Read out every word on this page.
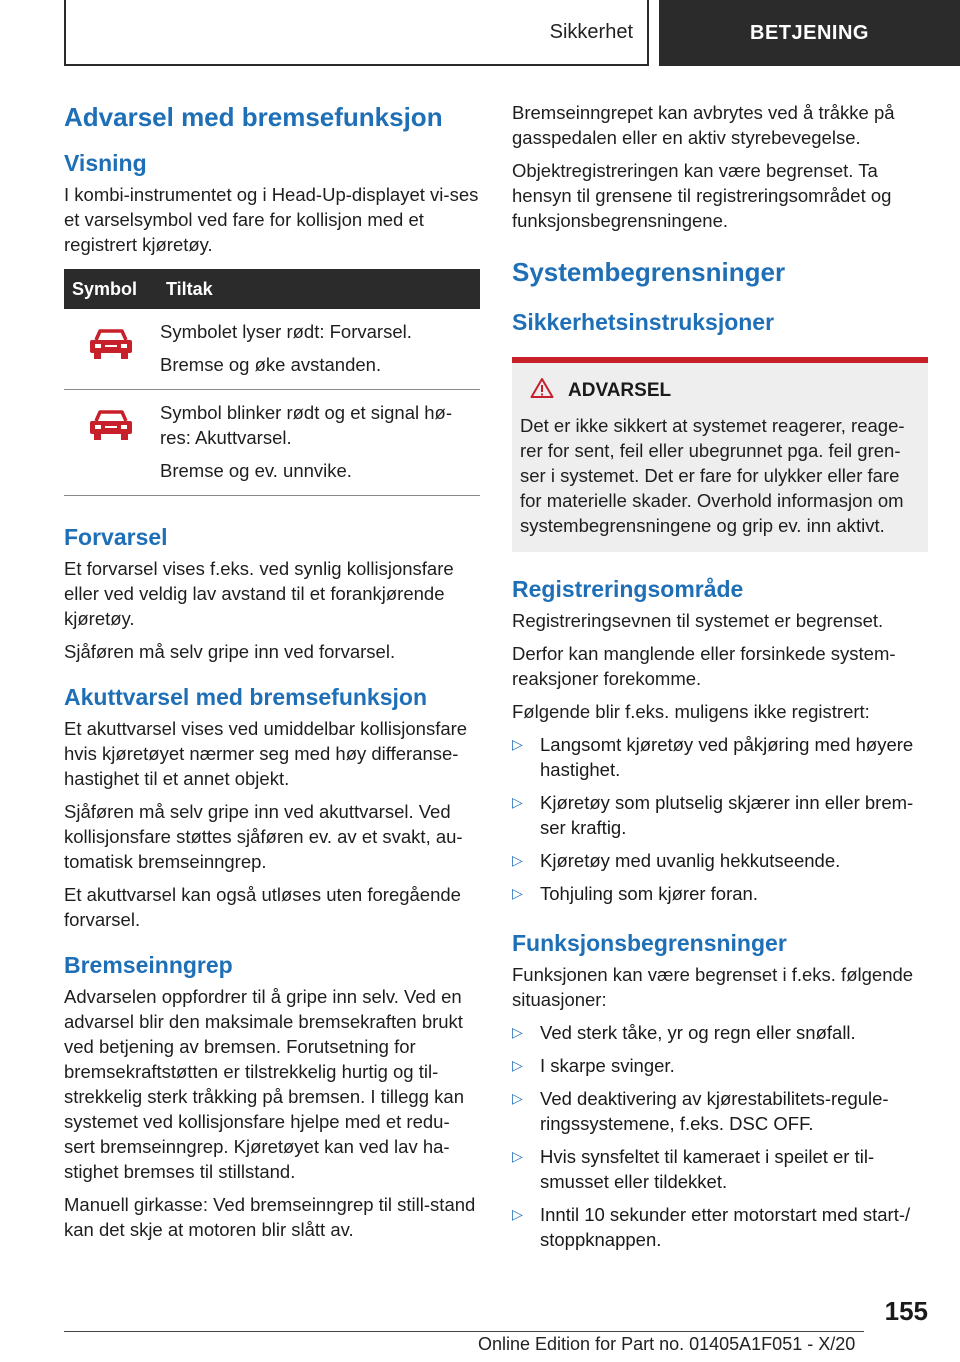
Sikkerhet	BETJENING
Advarsel med bremsefunksjon
Visning
I kombi-instrumentet og i Head-Up-displayet vi-ses et varselsymbol ved fare for kollisjon med et registrert kjøretøy.
Symbol	Tiltak

Symbolet lyser rødt: Forvarsel.
Bremse og øke avstanden.

Symbol blinker rødt og et signal hø-res: Akuttvarsel.
Bremse og ev. unnvike.
Forvarsel
Et forvarsel vises f.eks. ved synlig kollisjonsfare eller ved veldig lav avstand til et forankjørende kjøretøy.
Sjåføren må selv gripe inn ved forvarsel.
Akuttvarsel med bremsefunksjon
Et akuttvarsel vises ved umiddelbar kollisjonsfare hvis kjøretøyet nærmer seg med høy differanse-hastighet til et annet objekt.
Sjåføren må selv gripe inn ved akuttvarsel. Ved kollisjonsfare støttes sjåføren ev. av et svakt, au-tomatisk bremseinngrep.
Et akuttvarsel kan også utløses uten foregående forvarsel.
Bremseinngrep
Advarselen oppfordrer til å gripe inn selv. Ved en advarsel blir den maksimale bremsekraften brukt ved betjening av bremsen. Forutsetning for bremsekraftstøtten er tilstrekkelig hurtig og til-strekkelig sterk tråkking på bremsen. I tillegg kan systemet ved kollisjonsfare hjelpe med et redu-sert bremseinngrep. Kjøretøyet kan ved lav ha-stighet bremses til stillstand.
Manuell girkasse: Ved bremseinngrep til still-stand kan det skje at motoren blir slått av.
Bremseinngrepet kan avbrytes ved å tråkke på gasspedalen eller en aktiv styrebevegelse.
Objektregistreringen kan være begrenset. Ta hensyn til grensene til registreringsområdet og funksjonsbegrensningene.
Systembegrensninger
Sikkerhetsinstruksjoner
ADVARSEL
Det er ikke sikkert at systemet reagerer, reage-rer for sent, feil eller ubegrunnet pga. feil gren-ser i systemet. Det er fare for ulykker eller fare for materielle skader. Overhold informasjon om systembegrensningene og grip ev. inn aktivt.
Registreringsområde
Registreringsevnen til systemet er begrenset.
Derfor kan manglende eller forsinkede system-reaksjoner forekomme.
Følgende blir f.eks. muligens ikke registrert:
▷ Langsomt kjøretøy ved påkjøring med høyere hastighet.
▷ Kjøretøy som plutselig skjærer inn eller brem-ser kraftig.
▷ Kjøretøy med uvanlig hekkutseende.
▷ Tohjuling som kjører foran.
Funksjonsbegrensninger
Funksjonen kan være begrenset i f.eks. følgende situasjoner:
▷ Ved sterk tåke, yr og regn eller snøfall.
▷ I skarpe svinger.
▷ Ved deaktivering av kjørestabilitets-regule-ringssystemene, f.eks. DSC OFF.
▷ Hvis synsfeltet til kameraet i speilet er til-smusset eller tildekket.
▷ Inntil 10 sekunder etter motorstart med start-/ stoppknappen.
155
Online Edition for Part no. 01405A1F051 - X/20
